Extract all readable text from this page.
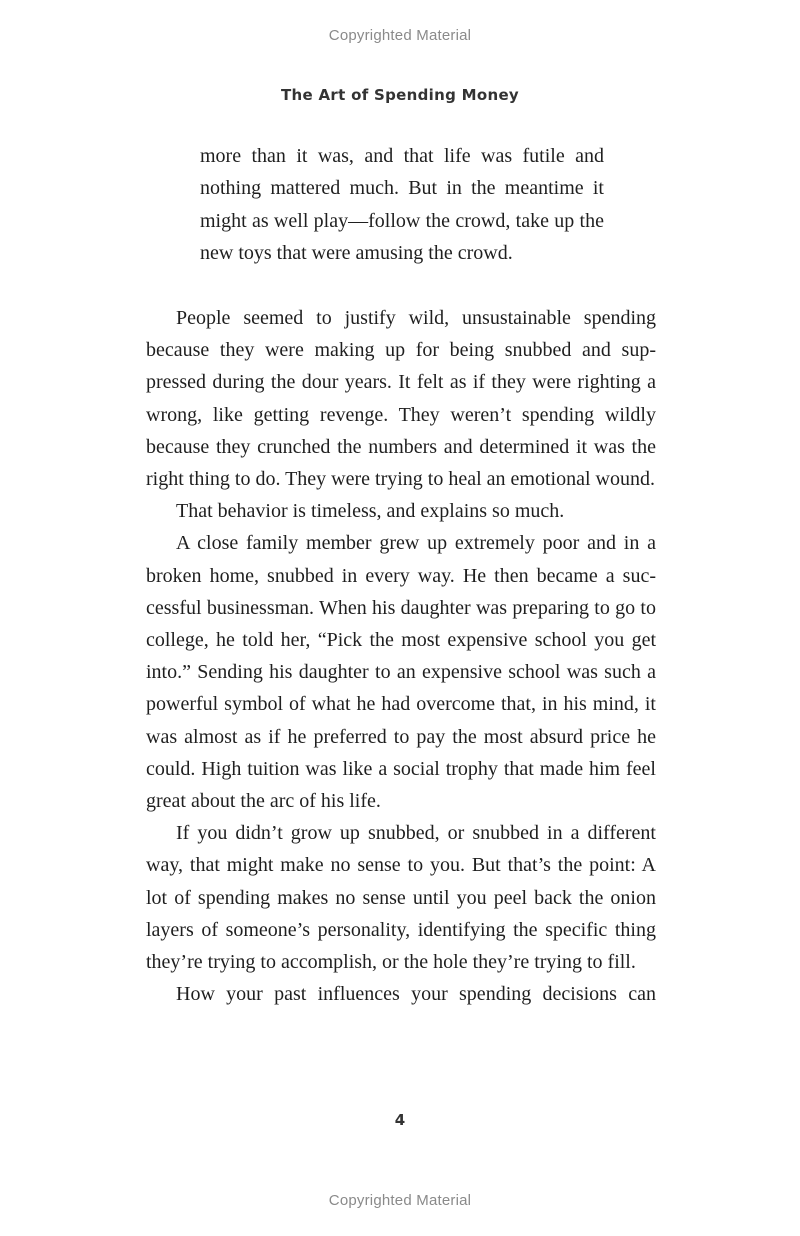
Copyrighted Material
The Art of Spending Money

more than it was, and that life was futile and nothing mattered much. But in the meantime it might as well play—follow the crowd, take up the new toys that were amusing the crowd.

People seemed to justify wild, unsustainable spending because they were making up for being snubbed and suppressed during the dour years. It felt as if they were righting a wrong, like getting revenge. They weren’t spending wildly because they crunched the numbers and determined it was the right thing to do. They were trying to heal an emotional wound.

That behavior is timeless, and explains so much.

A close family member grew up extremely poor and in a broken home, snubbed in every way. He then became a successful businessman. When his daughter was preparing to go to college, he told her, “Pick the most expensive school you get into.” Sending his daughter to an expensive school was such a powerful symbol of what he had overcome that, in his mind, it was almost as if he preferred to pay the most absurd price he could. High tuition was like a social trophy that made him feel great about the arc of his life.

If you didn’t grow up snubbed, or snubbed in a different way, that might make no sense to you. But that’s the point: A lot of spending makes no sense until you peel back the onion layers of someone’s personality, identifying the specific thing they’re trying to accomplish, or the hole they’re trying to fill.

How your past influences your spending decisions can

4
Copyrighted Material
